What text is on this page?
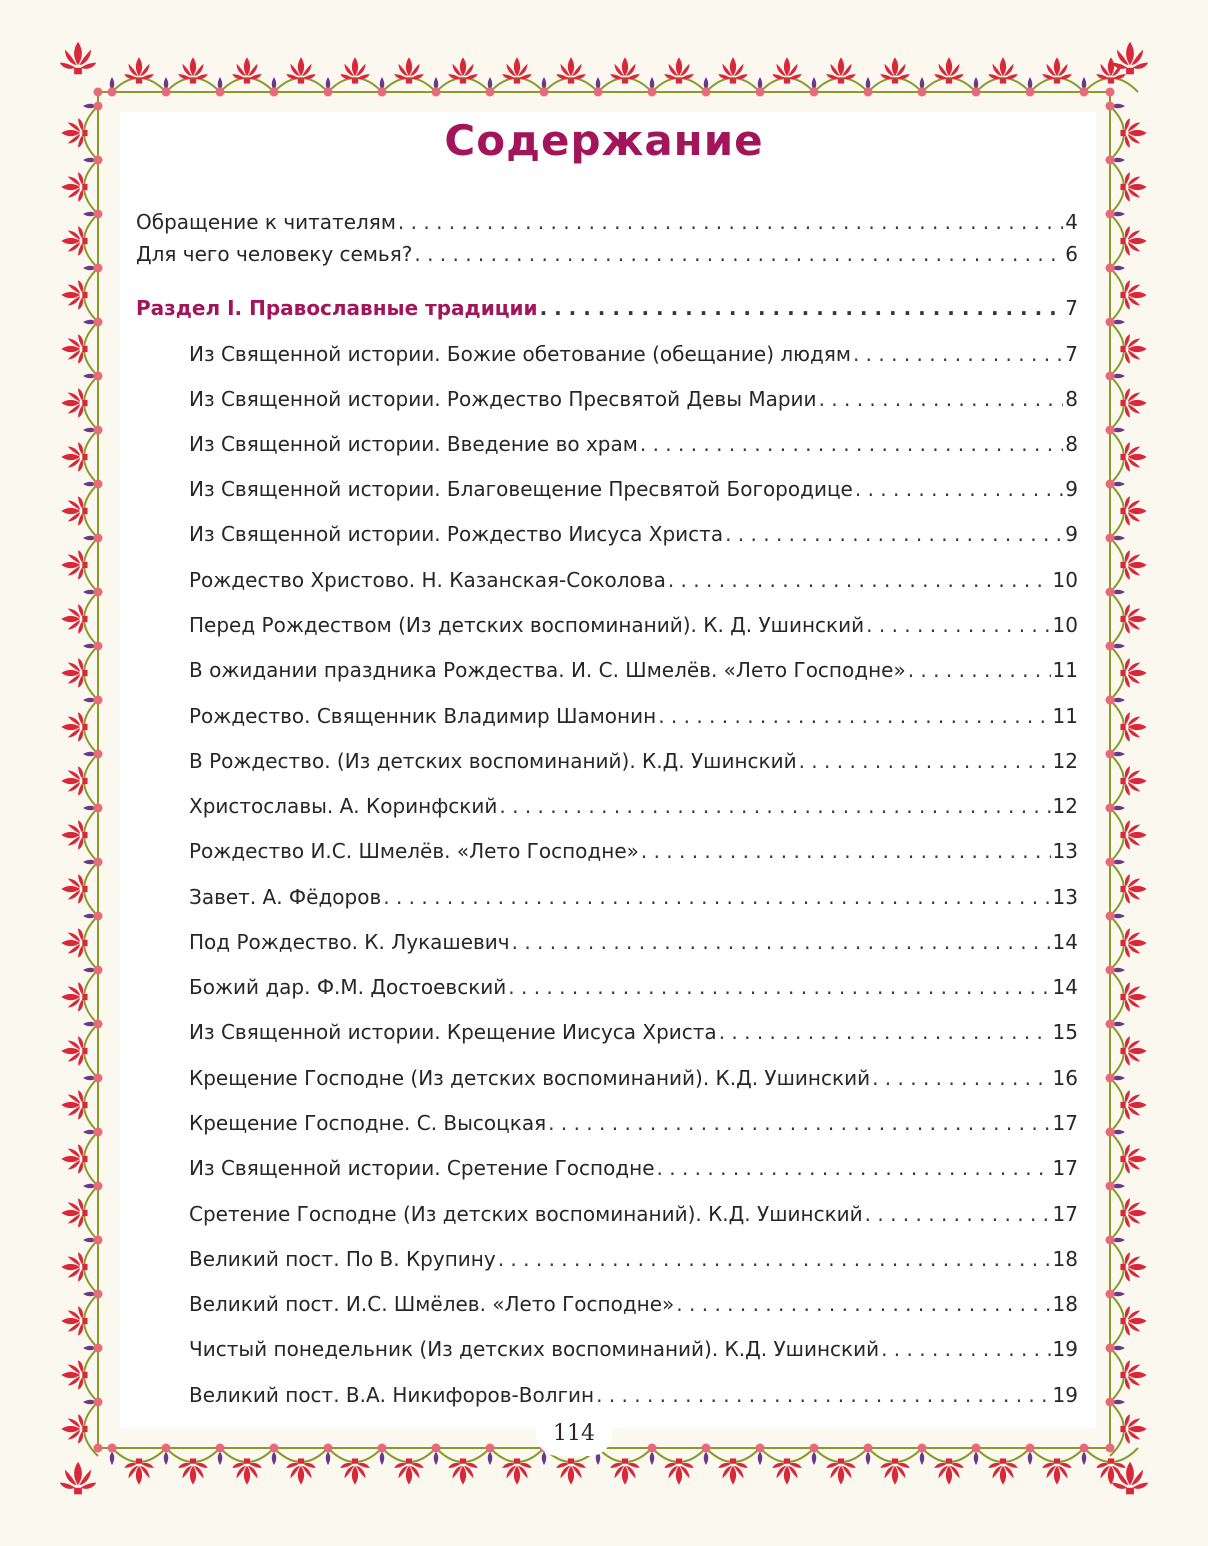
Содержание
Обращение к читателям . . .	4
Для чего человеку семья? . . .	6
Раздел I. Православные традиции . . .	7
Из Священной истории. Божие обетование (обещание) людям . . .	7
Из Священной истории. Рождество Пресвятой Девы Марии . . .	8
Из Священной истории. Введение во храм . . .	8
Из Священной истории. Благовещение Пресвятой Богородице . . .	9
Из Священной истории. Рождество Иисуса Христа . . .	9
Рождество Христово. Н. Казанская-Соколова . . .	10
Перед Рождеством (Из детских воспоминаний). К. Д. Ушинский . . .	10
В ожидании праздника Рождества. И. С. Шмелёв. «Лето Господне» . . .	11
Рождество. Священник Владимир Шамонин . . .	11
В Рождество. (Из детских воспоминаний). К.Д. Ушинский . . .	12
Христославы. А. Коринфский . . .	12
Рождество И.С. Шмелёв. «Лето Господне» . . .	13
Завет. А. Фёдоров . . .	13
Под Рождество. К. Лукашевич . . .	14
Божий дар. Ф.М. Достоевский . . .	14
Из Священной истории. Крещение Иисуса Христа . . .	15
Крещение Господне (Из детских воспоминаний). К.Д. Ушинский . . .	16
Крещение Господне. С. Высоцкая . . .	17
Из Священной истории. Сретение Господне . . .	17
Сретение Господне (Из детских воспоминаний). К.Д. Ушинский . . .	17
Великий пост. По В. Крупину . . .	18
Великий пост. И.С. Шмёлев. «Лето Господне» . . .	18
Чистый понедельник (Из детских воспоминаний). К.Д. Ушинский . . .	19
Великий пост. В.А. Никифоров-Волгин . . .	19
114
